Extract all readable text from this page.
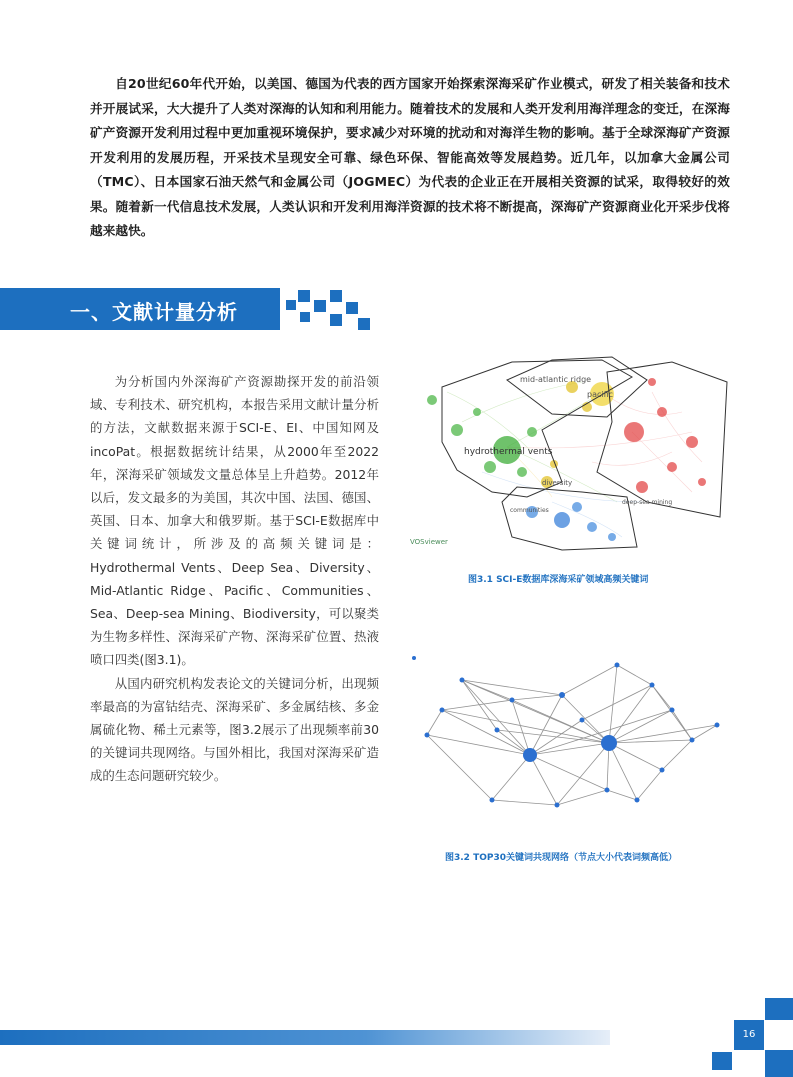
自20世纪60年代开始，以美国、德国为代表的西方国家开始探索深海采矿作业模式，研发了相关装备和技术并开展试采，大大提升了人类对深海的认知和利用能力。随着技术的发展和人类开发利用海洋理念的变迁，在深海矿产资源开发利用过程中更加重视环境保护，要求减少对环境的扰动和对海洋生物的影响。基于全球深海矿产资源开发利用的发展历程，开采技术呈现安全可靠、绿色环保、智能高效等发展趋势。近几年，以加拿大金属公司（TMC）、日本国家石油天然气和金属公司（JOGMEC）为代表的企业正在开展相关资源的试采，取得较好的效果。随着新一代信息技术发展，人类认识和开发利用海洋资源的技术将不断提高，深海矿产资源商业化开采步伐将越来越快。

一、文献计量分析

为分析国内外深海矿产资源勘探开发的前沿领域、专利技术、研究机构，本报告采用文献计量分析的方法，文献数据来源于SCI-E、EI、中国知网及incoPat。根据数据统计结果，从2000年至2022年，深海采矿领域发文量总体呈上升趋势。2012年以后，发文最多的为美国，其次中国、法国、德国、英国、日本、加拿大和俄罗斯。基于SCI-E数据库中关键词统计，所涉及的高频关键词是：Hydrothermal Vents、Deep Sea、Diversity、Mid-Atlantic Ridge、Pacific、Communities、Sea、Deep-sea Mining、Biodiversity，可以聚类为生物多样性、深海采矿产物、深海采矿位置、热液喷口四类(图3.1)。

从国内研究机构发表论文的关键词分析，出现频率最高的为富钴结壳、深海采矿、多金属结核、多金属硫化物、稀土元素等，图3.2展示了出现频率前30的关键词共现网络。与国外相比，我国对深海采矿造成的生态问题研究较少。

mid-atlantic ridge
pacific
hydrothermal vents
diversity
communities
deep-sea mining
VOSviewer
图3.1 SCI-E数据库深海采矿领域高频关键词
图3.2 TOP30关键词共现网络（节点大小代表词频高低）
16
